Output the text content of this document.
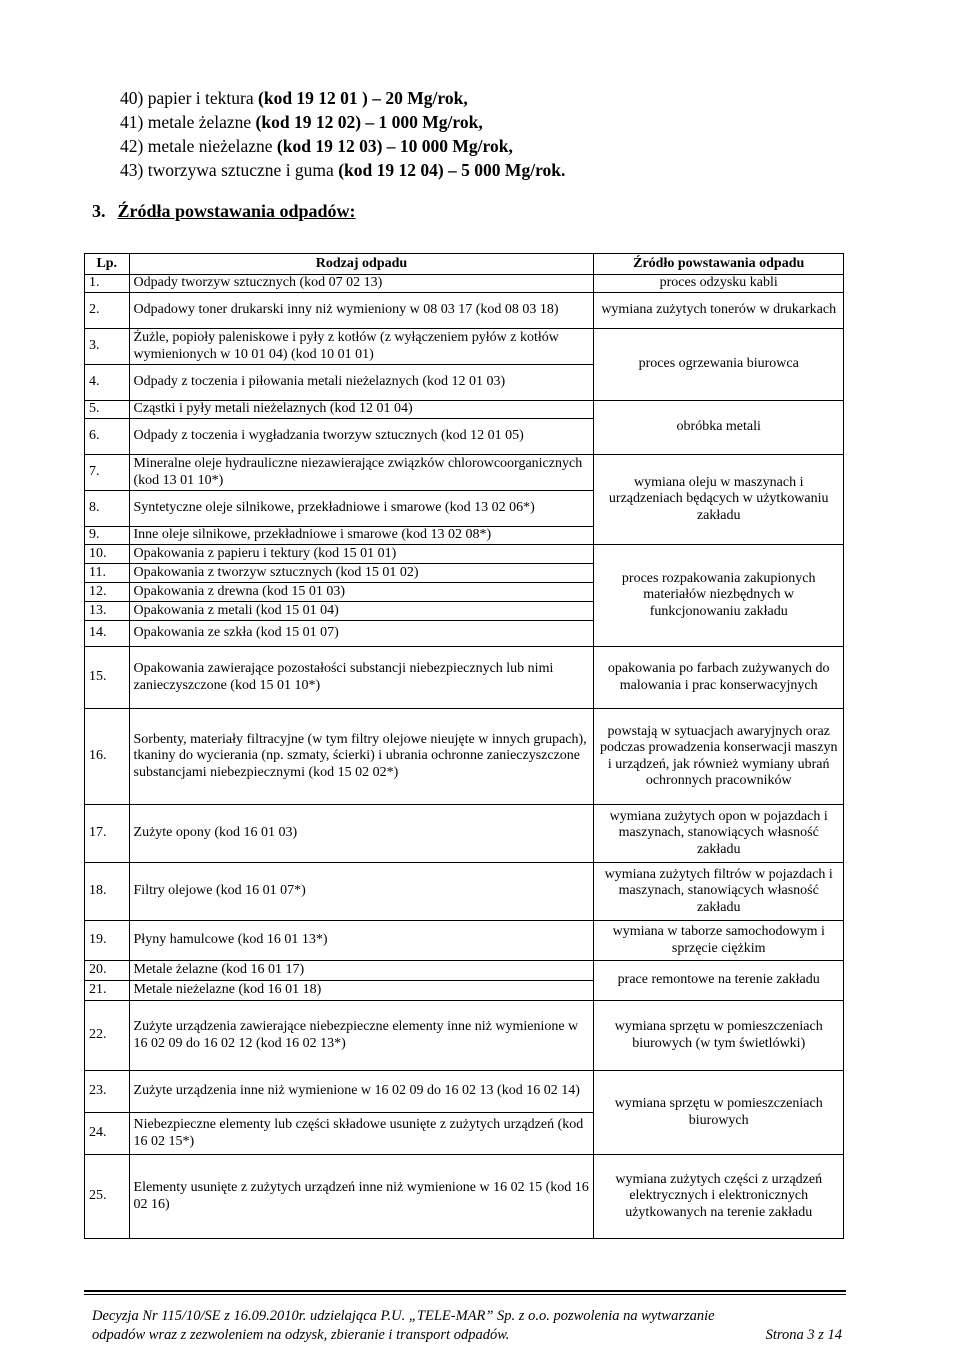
40) papier i tektura (kod 19 12 01 ) – 20 Mg/rok,
41) metale żelazne (kod 19 12 02) – 1 000 Mg/rok,
42) metale nieżelazne (kod 19 12 03) – 10 000 Mg/rok,
43) tworzywa sztuczne i guma (kod 19 12 04) – 5 000 Mg/rok.
3. Źródła powstawania odpadów:
Lp.	Rodzaj odpadu	Źródło powstawania odpadu
1.	Odpady tworzyw sztucznych (kod 07 02 13)	proces odzysku kabli
2.	Odpadowy toner drukarski inny niż wymieniony w 08 03 17 (kod 08 03 18)	wymiana zużytych tonerów w drukarkach
3.	Żużle, popioły paleniskowe i pyły z kotłów (z wyłączeniem pyłów z kotłów wymienionych w 10 01 04) (kod 10 01 01)	proces ogrzewania biurowca
4.	Odpady z toczenia i piłowania metali nieżelaznych (kod 12 01 03)	
5.	Cząstki i pyły metali nieżelaznych (kod 12 01 04)	obróbka metali
6.	Odpady z toczenia i wygładzania tworzyw sztucznych (kod 12 01 05)	
7.	Mineralne oleje hydrauliczne niezawierające związków chlorowcoorganicznych (kod 13 01 10*)	wymiana oleju w maszynach i urządzeniach będących w użytkowaniu zakładu
8.	Syntetyczne oleje silnikowe, przekładniowe i smarowe (kod 13 02 06*)	
9.	Inne oleje silnikowe, przekładniowe i smarowe (kod 13 02 08*)	
10.	Opakowania z papieru i tektury (kod 15 01 01)	proces rozpakowania zakupionych materiałów niezbędnych w funkcjonowaniu zakładu
11.	Opakowania z tworzyw sztucznych (kod 15 01 02)	
12.	Opakowania z drewna (kod 15 01 03)	
13.	Opakowania z metali (kod 15 01 04)	
14.	Opakowania ze szkła (kod 15 01 07)	
15.	Opakowania zawierające pozostałości substancji niebezpiecznych lub nimi zanieczyszczone (kod 15 01 10*)	opakowania po farbach zużywanych do malowania i prac konserwacyjnych
16.	Sorbenty, materiały filtracyjne (w tym filtry olejowe nieujęte w innych grupach), tkaniny do wycierania (np. szmaty, ścierki) i ubrania ochronne zanieczyszczone substancjami niebezpiecznymi (kod 15 02 02*)	powstają w sytuacjach awaryjnych oraz podczas prowadzenia konserwacji maszyn i urządzeń, jak również wymiany ubrań ochronnych pracowników
17.	Zużyte opony (kod 16 01 03)	wymiana zużytych opon w pojazdach i maszynach, stanowiących własność zakładu
18.	Filtry olejowe (kod 16 01 07*)	wymiana zużytych filtrów w pojazdach i maszynach, stanowiących własność zakładu
19.	Płyny hamulcowe (kod 16 01 13*)	wymiana w taborze samochodowym i sprzęcie ciężkim
20.	Metale żelazne (kod 16 01 17)	prace remontowe na terenie zakładu
21.	Metale nieżelazne (kod 16 01 18)	
22.	Zużyte urządzenia zawierające niebezpieczne elementy inne niż wymienione w 16 02 09 do 16 02 12 (kod 16 02 13*)	wymiana sprzętu w pomieszczeniach biurowych (w tym świetlówki)
23.	Zużyte urządzenia inne niż wymienione w 16 02 09 do 16 02 13 (kod 16 02 14)	wymiana sprzętu w pomieszczeniach biurowych
24.	Niebezpieczne elementy lub części składowe usunięte z zużytych urządzeń (kod 16 02 15*)	
25.	Elementy usunięte z zużytych urządzeń inne niż wymienione w 16 02 15 (kod 16 02 16)	wymiana zużytych części z urządzeń elektrycznych i elektronicznych użytkowanych na terenie zakładu
Decyzja Nr 115/10/SE z 16.09.2010r. udzielająca P.U. „TELE-MAR” Sp. z o.o. pozwolenia na wytwarzanie
odpadów wraz z zezwoleniem na odzysk, zbieranie i transport odpadów.	Strona 3 z 14
